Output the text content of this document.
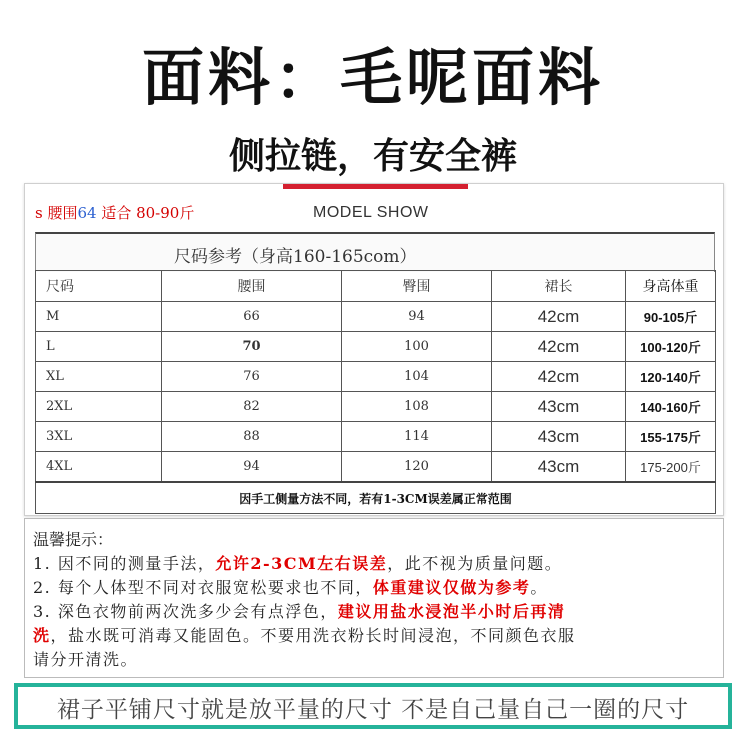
面料：毛呢面料
侧拉链，有安全裤
s 腰围64 适合 80-90斤	MODEL SHOW
尺码参考（身高160-165com）
尺码	腰围	臀围	裙长	身高体重
M	66	94	42cm	90-105斤
L	70	100	42cm	100-120斤
XL	76	104	42cm	120-140斤
2XL	82	108	43cm	140-160斤
3XL	88	114	43cm	155-175斤
4XL	94	120	43cm	175-200斤
因手工侧量方法不同，若有1-3CM误差属正常范围				
温馨提示：
1. 因不同的测量手法，允许2-3CM左右误差，此不视为质量问题。
2. 每个人体型不同对衣服宽松要求也不同，体重建议仅做为参考。
3. 深色衣物前两次洗多少会有点浮色，建议用盐水浸泡半小时后再清
洗，盐水既可消毒又能固色。不要用洗衣粉长时间浸泡，不同颜色衣服
请分开清洗。
裙子平铺尺寸就是放平量的尺寸 不是自己量自己一圈的尺寸
